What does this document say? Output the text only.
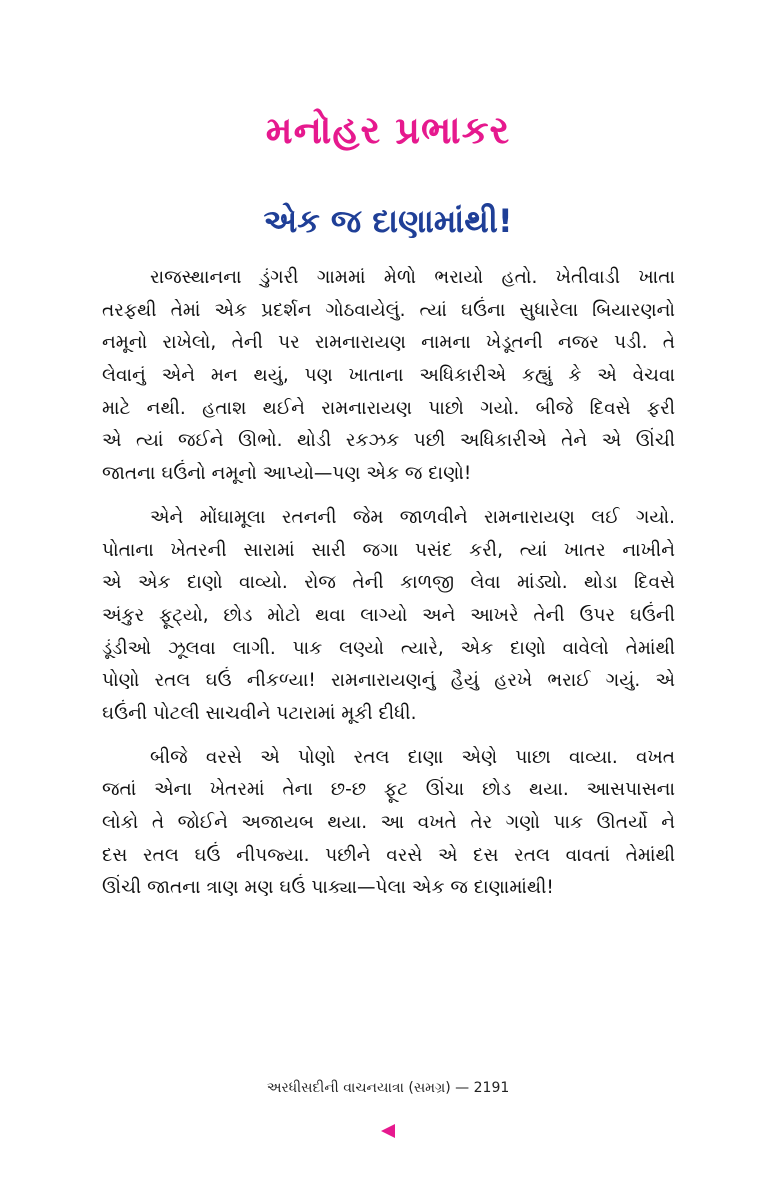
મનોહર પ્રભાકર
એક જ દાણામાંથી!
રાજસ્થાનના ડુંગરી ગામમાં મેળો ભરાયો હતો. ખેતીવાડી ખાતા
તરફથી તેમાં એક પ્રદર્શન ગોઠવાયેલું. ત્યાં ઘઉંના સુધારેલા બિયારણનો
નમૂનો રાખેલો, તેની પર રામનારાયણ નામના ખેડૂતની નજર પડી. તે
લેવાનું એને મન થયું, પણ ખાતાના અધિકારીએ કહ્યું કે એ વેચવા
માટે નથી. હતાશ થઈને રામનારાયણ પાછો ગયો. બીજે દિવસે ફરી
એ ત્યાં જઈને ઊભો. થોડી રકઝક પછી અધિકારીએ તેને એ ઊંચી
જાતના ઘઉંનો નમૂનો આપ્યો—પણ એક જ દાણો!
એને મોંઘામૂલા રતનની જેમ જાળવીને રામનારાયણ લઈ ગયો.
પોતાના ખેતરની સારામાં સારી જગા પસંદ કરી, ત્યાં ખાતર નાખીને
એ એક દાણો વાવ્યો. રોજ તેની કાળજી લેવા માંડ્યો. થોડા દિવસે
અંકુર ફૂટ્યો, છોડ મોટો થવા લાગ્યો અને આખરે તેની ઉપર ઘઉંની
ડૂંડીઓ ઝૂલવા લાગી. પાક લણ્યો ત્યારે, એક દાણો વાવેલો તેમાંથી
પોણો રતલ ઘઉં નીકળ્યા! રામનારાયણનું હૈયું હરખે ભરાઈ ગયું. એ
ઘઉંની પોટલી સાચવીને પટારામાં મૂકી દીધી.
બીજે વરસે એ પોણો રતલ દાણા એણે પાછા વાવ્યા. વખત
જતાં એના ખેતરમાં તેના છ-છ ફૂટ ઊંચા છોડ થયા. આસપાસના
લોકો તે જોઈને અજાયબ થયા. આ વખતે તેર ગણો પાક ઊતર્યો ને
દસ રતલ ઘઉં નીપજ્યા. પછીને વરસે એ દસ રતલ વાવતાં તેમાંથી
ઊંચી જાતના ત્રાણ મણ ઘઉં પાક્યા—પેલા એક જ દાણામાંથી!
અરધીસદીની વાચનયાત્રા (સમગ્ર) — 2191
